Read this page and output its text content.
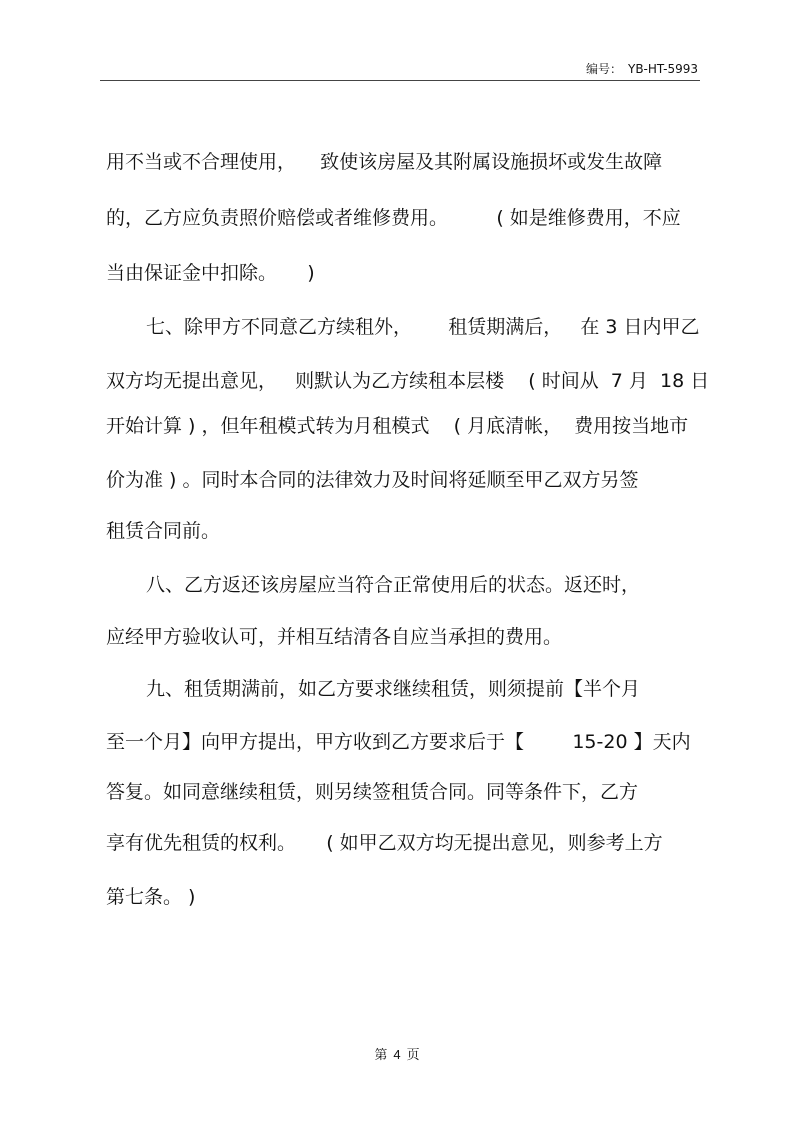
编号： YB-HT-5993
用不当或不合理使用，    致使该房屋及其附属设施损坏或发生故障
的，乙方应负责照价赔偿或者维修费用。        ( 如是维修费用，不应
当由保证金中扣除。     )
七、除甲方不同意乙方续租外，      租赁期满后，   在 3 日内甲乙
双方均无提出意见，   则默认为乙方续租本层楼    ( 时间从  7 月  18 日
开始计算 ) ，但年租模式转为月租模式    ( 月底清帐，  费用按当地市
价为准 ) 。同时本合同的法律效力及时间将延顺至甲乙双方另签
租赁合同前。
八、乙方返还该房屋应当符合正常使用后的状态。返还时，
应经甲方验收认可，并相互结清各自应当承担的费用。
九、租赁期满前，如乙方要求继续租赁，则须提前【半个月
至一个月】向甲方提出，甲方收到乙方要求后于【        15-20 】天内
答复。如同意继续租赁，则另续签租赁合同。同等条件下，乙方
享有优先租赁的权利。     ( 如甲乙双方均无提出意见，则参考上方
第七条。 )
第 4 页
